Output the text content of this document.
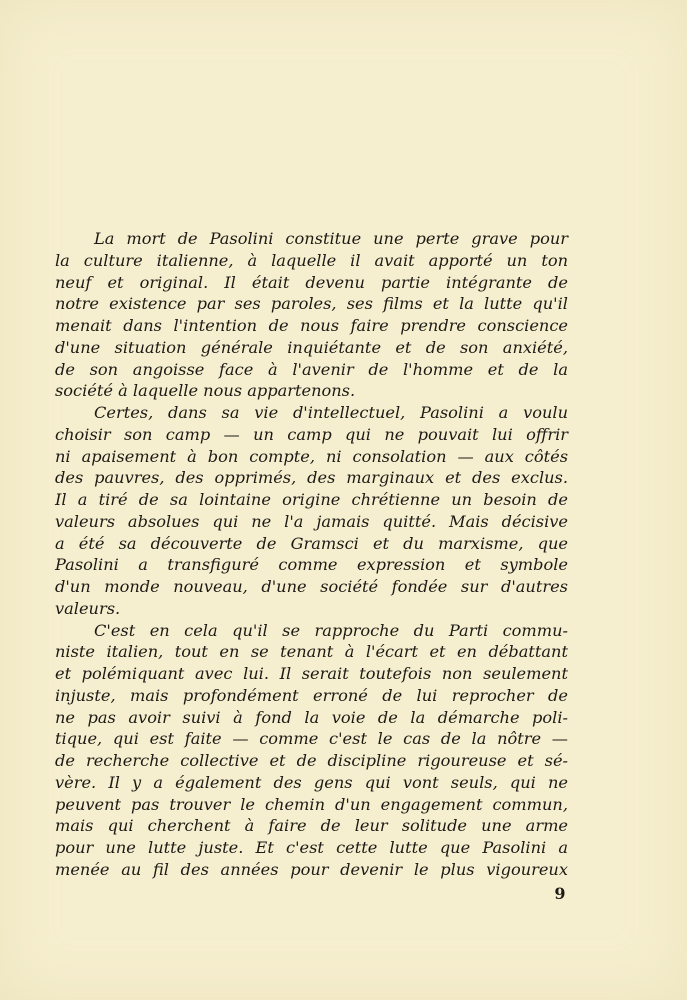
La mort de Pasolini constitue une perte grave pour
la culture italienne, à laquelle il avait apporté un ton
neuf et original. Il était devenu partie intégrante de
notre existence par ses paroles, ses films et la lutte qu'il
menait dans l'intention de nous faire prendre conscience
d'une situation générale inquiétante et de son anxiété,
de son angoisse face à l'avenir de l'homme et de la
société à laquelle nous appartenons.

Certes, dans sa vie d'intellectuel, Pasolini a voulu
choisir son camp — un camp qui ne pouvait lui offrir
ni apaisement à bon compte, ni consolation — aux côtés
des pauvres, des opprimés, des marginaux et des exclus.
Il a tiré de sa lointaine origine chrétienne un besoin de
valeurs absolues qui ne l'a jamais quitté. Mais décisive
a été sa découverte de Gramsci et du marxisme, que
Pasolini a transfiguré comme expression et symbole
d'un monde nouveau, d'une société fondée sur d'autres
valeurs.

C'est en cela qu'il se rapproche du Parti commu-
niste italien, tout en se tenant à l'écart et en débattant
et polémiquant avec lui. Il serait toutefois non seulement
injuste, mais profondément erroné de lui reprocher de
ne pas avoir suivi à fond la voie de la démarche poli-
tique, qui est faite — comme c'est le cas de la nôtre —
de recherche collective et de discipline rigoureuse et sé-
vère. Il y a également des gens qui vont seuls, qui ne
peuvent pas trouver le chemin d'un engagement commun,
mais qui cherchent à faire de leur solitude une arme
pour une lutte juste. Et c'est cette lutte que Pasolini a
menée au fil des années pour devenir le plus vigoureux

9
